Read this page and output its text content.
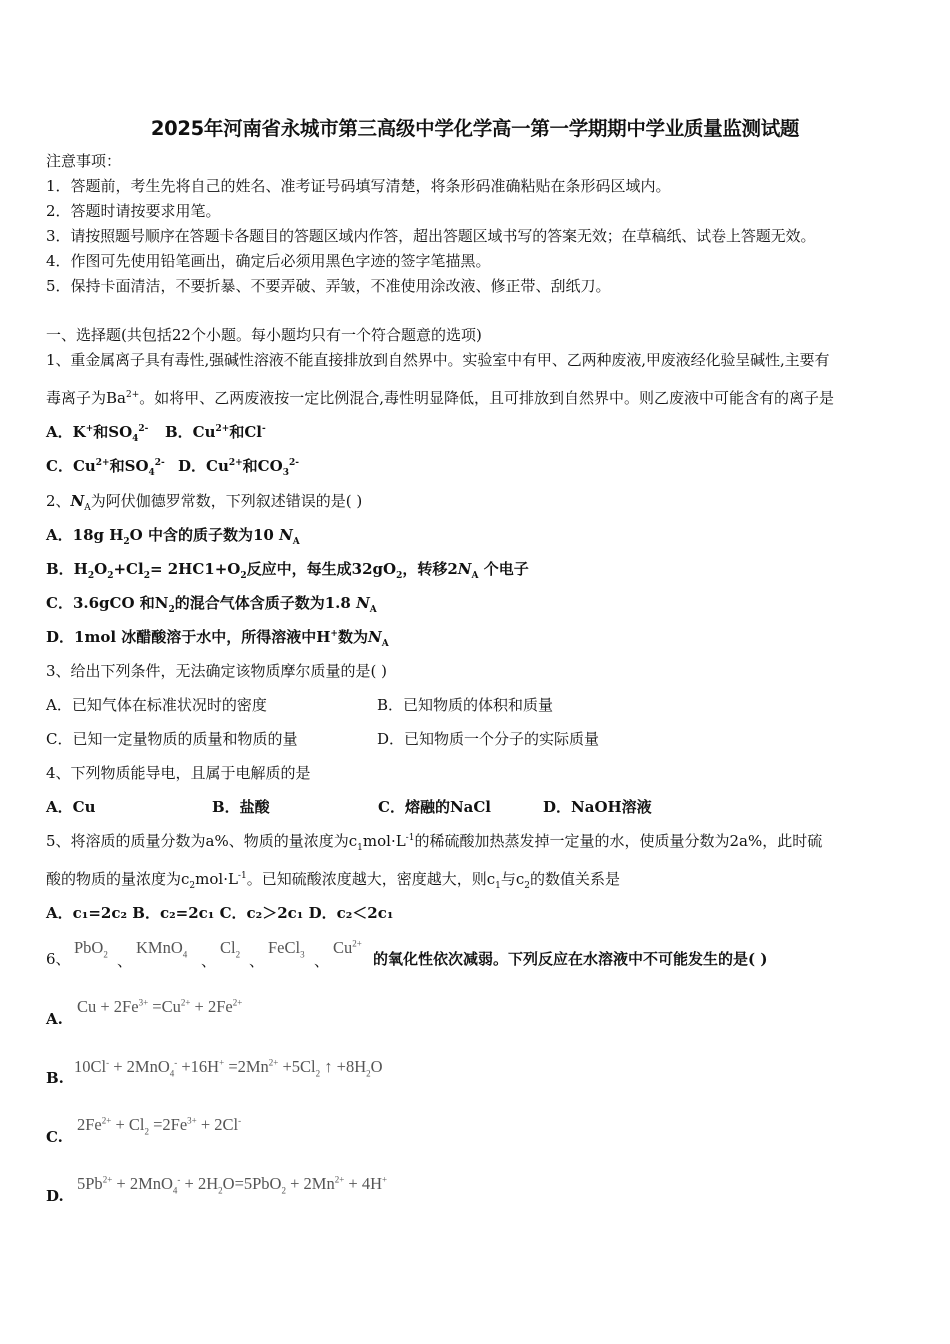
2025年河南省永城市第三高级中学化学高一第一学期期中学业质量监测试题
注意事项：
1．答题前，考生先将自己的姓名、准考证号码填写清楚，将条形码准确粘贴在条形码区域内。
2．答题时请按要求用笔。
3．请按照题号顺序在答题卡各题目的答题区域内作答，超出答题区域书写的答案无效；在草稿纸、试卷上答题无效。
4．作图可先使用铅笔画出，确定后必须用黑色字迹的签字笔描黑。
5．保持卡面清洁，不要折暴、不要弄破、弄皱，不准使用涂改液、修正带、刮纸刀。
一、选择题(共包括22个小题。每小题均只有一个符合题意的选项)
1、重金属离子具有毒性,强碱性溶液不能直接排放到自然界中。实验室中有甲、乙两种废液,甲废液经化验呈碱性,主要有
毒离子为$Ba^{2+}$。如将甲、乙两废液按一定比例混合,毒性明显降低，且可排放到自然界中。则乙废液中可能含有的离子是
A．K+和$SO_4^{2-}$ B．$Cu^{2+}$和Cl-
C．$Cu^{2+}$和$SO_4^{2-}$ D．$Cu^{2+}$和$CO_3^{2-}$
2、$N_A$为阿伏伽德罗常数，下列叙述错误的是( )
A．18g $H_2O$ 中含的质子数为10 $N_A$
B．$H_2O_2+Cl_2= 2HC1+O_2$反应中，每生成$32gO_2$，转移$2N_A$ 个电子
C．3.6gCO 和$N_2$的混合气体含质子数为1.8 $N_A$
D．1mol 冰醋酸溶于水中，所得溶液中H+数为$N_A$
3、给出下列条件，无法确定该物质摩尔质量的是( )
A．已知气体在标准状况时的密度	B．已知物质的体积和质量
C．已知一定量物质的质量和物质的量	D．已知物质一个分子的实际质量
4、下列物质能导电，且属于电解质的是
A．Cu	B．盐酸	C．熔融的NaCl	D．NaOH溶液
5、将溶质的质量分数为a%、物质的量浓度为$c_1mol\cdot L^{-1}$的稀硫酸加热蒸发掉一定量的水，使质量分数为2a%，此时硫
酸的物质的量浓度为$c_2mol\cdot L^{-1}$。已知硫酸浓度越大，密度越大，则$c_1$与$c_2$的数值关系是
A．c₁=2c₂ B．c₂=2c₁ C．c₂＞2c₁ D．c₂＜2c₁
6、
PbO$_2$ 、
KMnO$_4$ 、
$Cl_2$ 、
FeCl$_3$ 、
$Cu^{2+}$
的氧化性依次减弱。下列反应在水溶液中不可能发生的是( )
A.
$Cu + 2Fe^{3+} =Cu^{2+} + 2Fe^{2+}$
B.
$10Cl^- + 2MnO_4^- +16H^+ =2Mn^{2+} +5Cl_2$ ↑ $+8H_2O$
C.
$2Fe^{2+} + Cl_2 =2Fe^{3+} + 2Cl^-$
D.
$5Pb^{2+} + 2MnO_4^- + 2H_2O=5PbO_2 + 2Mn^{2+} + 4H^+$
